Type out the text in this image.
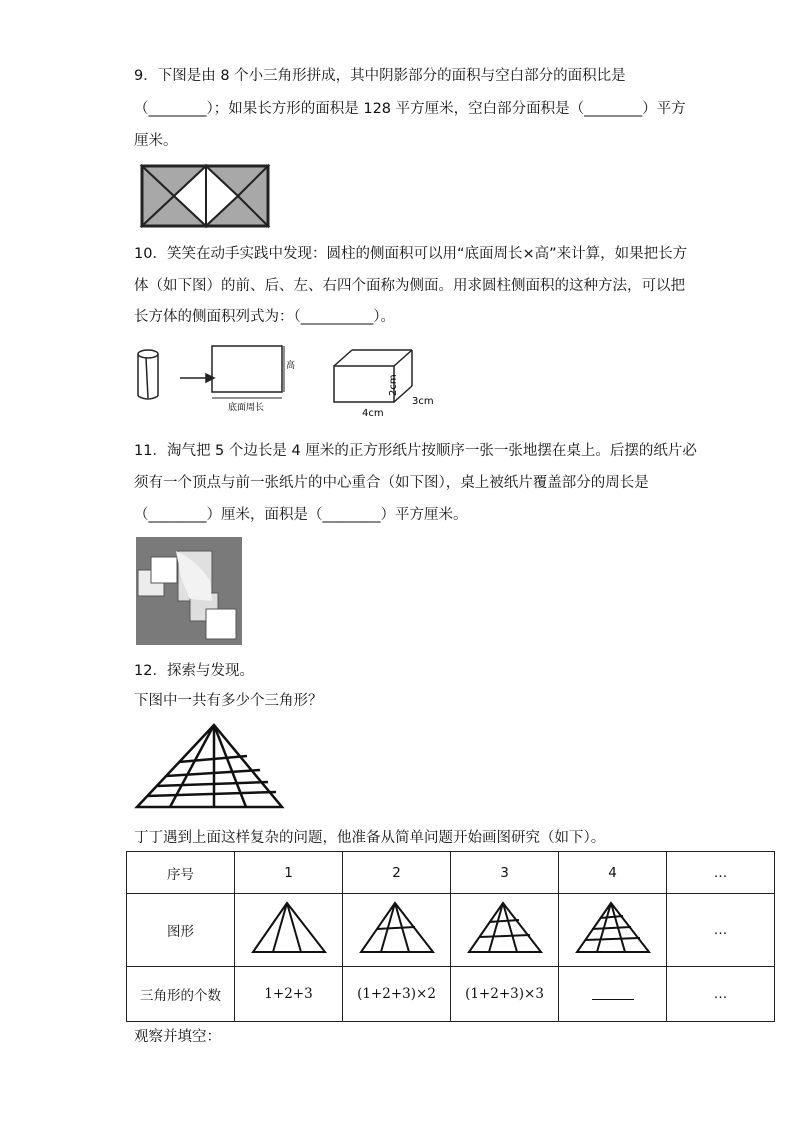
9．下图是由 8 个小三角形拼成，其中阴影部分的面积与空白部分的面积比是
（________）；如果长方形的面积是 128 平方厘米，空白部分面积是（________）平方
厘米。
10．笑笑在动手实践中发现：圆柱的侧面积可以用“底面周长×高”来计算，如果把长方
体（如下图）的前、后、左、右四个面称为侧面。用求圆柱侧面积的这种方法，可以把
长方体的侧面积列式为：（__________）。
高
底面周长
2cm
3cm
4cm
11．淘气把 5 个边长是 4 厘米的正方形纸片按顺序一张一张地摆在桌上。后摆的纸片必
须有一个顶点与前一张纸片的中心重合（如下图），桌上被纸片覆盖部分的周长是
（________）厘米，面积是（________）平方厘米。
12．探索与发现。
下图中一共有多少个三角形？
丁丁遇到上面这样复杂的问题，他准备从简单问题开始画图研究（如下）。
序号	1	2	3	4	…
图形					…
三角形的个数	1+2+3	(1+2+3)×2	(1+2+3)×3		…
观察并填空：
